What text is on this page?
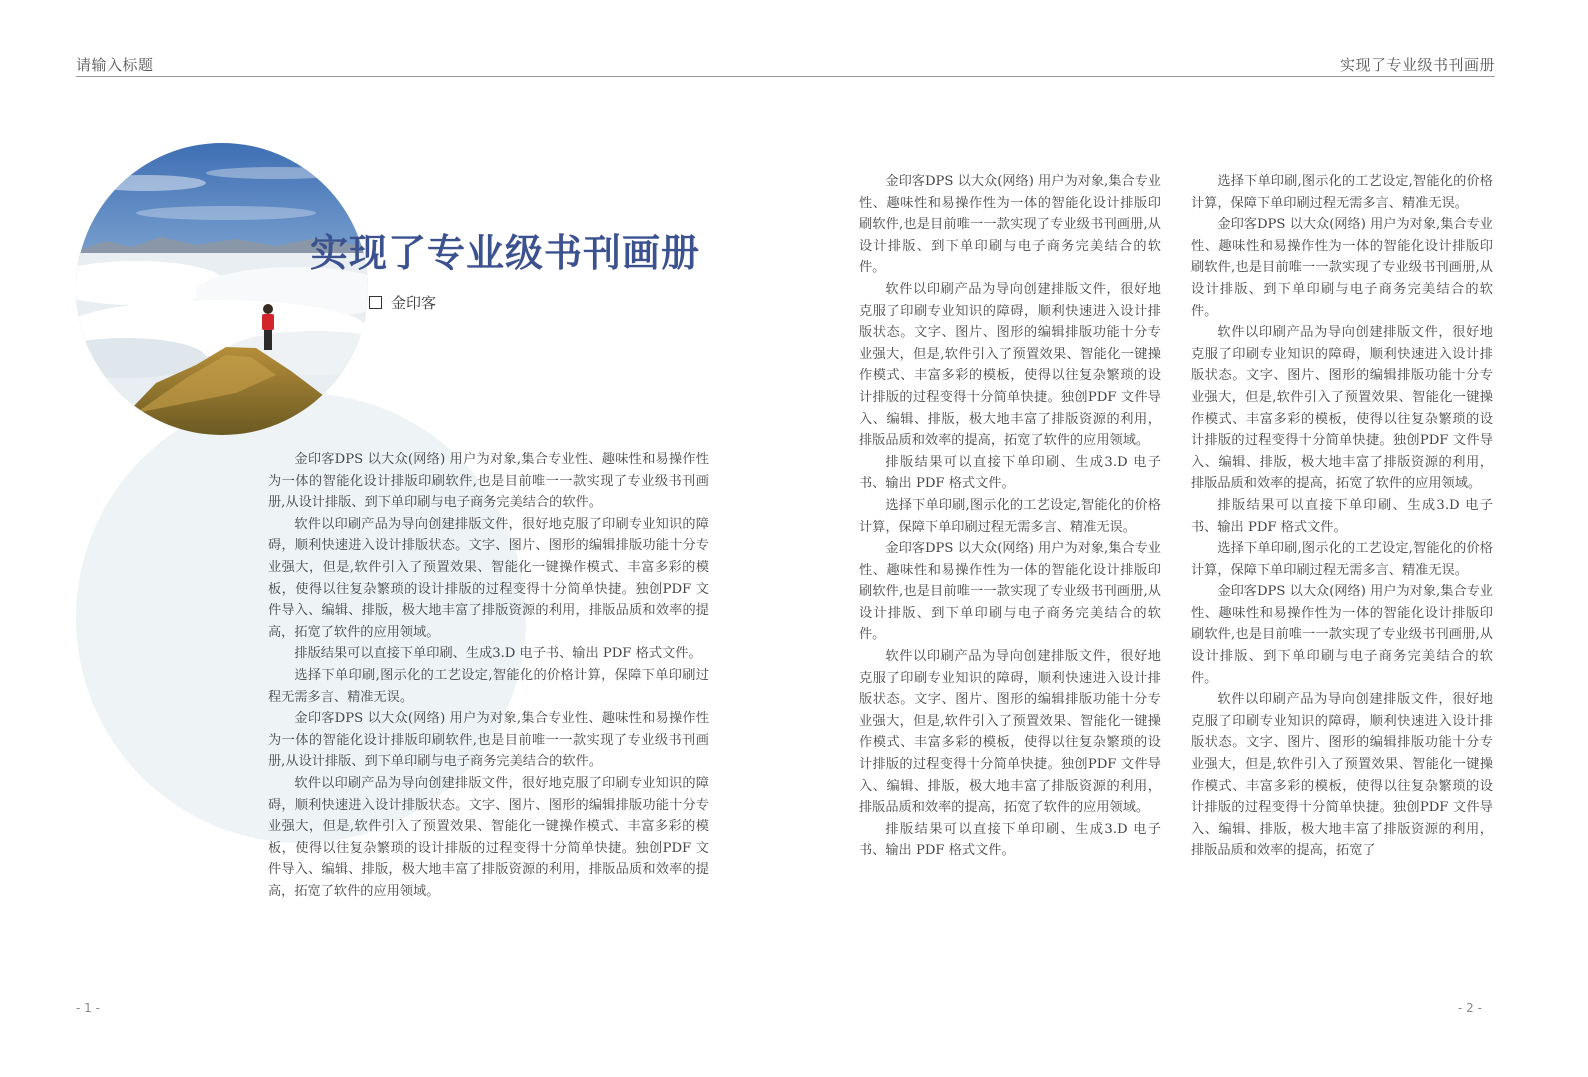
请输入标题	实现了专业级书刊画册
实现了专业级书刊画册
金印客

金印客DPS 以大众(网络) 用户为对象,集合专业性、趣味性和易操作性为一体的智能化设计排版印刷软件,也是目前唯一一款实现了专业级书刊画册,从设计排版、到下单印刷与电子商务完美结合的软件。

软件以印刷产品为导向创建排版文件，很好地克服了印刷专业知识的障碍，顺利快速进入设计排版状态。文字、图片、图形的编辑排版功能十分专业强大，但是,软件引入了预置效果、智能化一键操作模式、丰富多彩的模板，使得以往复杂繁琐的设计排版的过程变得十分简单快捷。独创PDF 文件导入、编辑、排版，极大地丰富了排版资源的利用，排版品质和效率的提高，拓宽了软件的应用领域。

排版结果可以直接下单印刷、生成3.D 电子书、输出 PDF 格式文件。

选择下单印刷,图示化的工艺设定,智能化的价格计算，保障下单印刷过程无需多言、精准无误。

金印客DPS 以大众(网络) 用户为对象,集合专业性、趣味性和易操作性为一体的智能化设计排版印刷软件,也是目前唯一一款实现了专业级书刊画册,从设计排版、到下单印刷与电子商务完美结合的软件。

软件以印刷产品为导向创建排版文件，很好地克服了印刷专业知识的障碍，顺利快速进入设计排版状态。文字、图片、图形的编辑排版功能十分专业强大，但是,软件引入了预置效果、智能化一键操作模式、丰富多彩的模板，使得以往复杂繁琐的设计排版的过程变得十分简单快捷。独创PDF 文件导入、编辑、排版，极大地丰富了排版资源的利用，排版品质和效率的提高，拓宽了软件的应用领域。

金印客DPS 以大众(网络) 用户为对象,集合专业性、趣味性和易操作性为一体的智能化设计排版印刷软件,也是目前唯一一款实现了专业级书刊画册,从设计排版、到下单印刷与电子商务完美结合的软件。

软件以印刷产品为导向创建排版文件，很好地克服了印刷专业知识的障碍，顺利快速进入设计排版状态。文字、图片、图形的编辑排版功能十分专业强大，但是,软件引入了预置效果、智能化一键操作模式、丰富多彩的模板，使得以往复杂繁琐的设计排版的过程变得十分简单快捷。独创PDF 文件导入、编辑、排版，极大地丰富了排版资源的利用，排版品质和效率的提高，拓宽了软件的应用领域。

排版结果可以直接下单印刷、生成3.D 电子书、输出 PDF 格式文件。

选择下单印刷,图示化的工艺设定,智能化的价格计算，保障下单印刷过程无需多言、精准无误。

金印客DPS 以大众(网络) 用户为对象,集合专业性、趣味性和易操作性为一体的智能化设计排版印刷软件,也是目前唯一一款实现了专业级书刊画册,从设计排版、到下单印刷与电子商务完美结合的软件。

软件以印刷产品为导向创建排版文件，很好地克服了印刷专业知识的障碍，顺利快速进入设计排版状态。文字、图片、图形的编辑排版功能十分专业强大，但是,软件引入了预置效果、智能化一键操作模式、丰富多彩的模板，使得以往复杂繁琐的设计排版的过程变得十分简单快捷。独创PDF 文件导入、编辑、排版，极大地丰富了排版资源的利用，排版品质和效率的提高，拓宽了软件的应用领域。

排版结果可以直接下单印刷、生成3.D 电子书、输出 PDF 格式文件。

选择下单印刷,图示化的工艺设定,智能化的价格计算，保障下单印刷过程无需多言、精准无误。

金印客DPS 以大众(网络) 用户为对象,集合专业性、趣味性和易操作性为一体的智能化设计排版印刷软件,也是目前唯一一款实现了专业级书刊画册,从设计排版、到下单印刷与电子商务完美结合的软件。

软件以印刷产品为导向创建排版文件，很好地克服了印刷专业知识的障碍，顺利快速进入设计排版状态。文字、图片、图形的编辑排版功能十分专业强大，但是,软件引入了预置效果、智能化一键操作模式、丰富多彩的模板，使得以往复杂繁琐的设计排版的过程变得十分简单快捷。独创PDF 文件导入、编辑、排版，极大地丰富了排版资源的利用，排版品质和效率的提高，拓宽了软件的应用领域。

排版结果可以直接下单印刷、生成3.D 电子书、输出 PDF 格式文件。

选择下单印刷,图示化的工艺设定,智能化的价格计算，保障下单印刷过程无需多言、精准无误。

金印客DPS 以大众(网络) 用户为对象,集合专业性、趣味性和易操作性为一体的智能化设计排版印刷软件,也是目前唯一一款实现了专业级书刊画册,从设计排版、到下单印刷与电子商务完美结合的软件。

软件以印刷产品为导向创建排版文件，很好地克服了印刷专业知识的障碍，顺利快速进入设计排版状态。文字、图片、图形的编辑排版功能十分专业强大，但是,软件引入了预置效果、智能化一键操作模式、丰富多彩的模板，使得以往复杂繁琐的设计排版的过程变得十分简单快捷。独创PDF 文件导入、编辑、排版，极大地丰富了排版资源的利用，排版品质和效率的提高，拓宽了

- 1 -	- 2 -
